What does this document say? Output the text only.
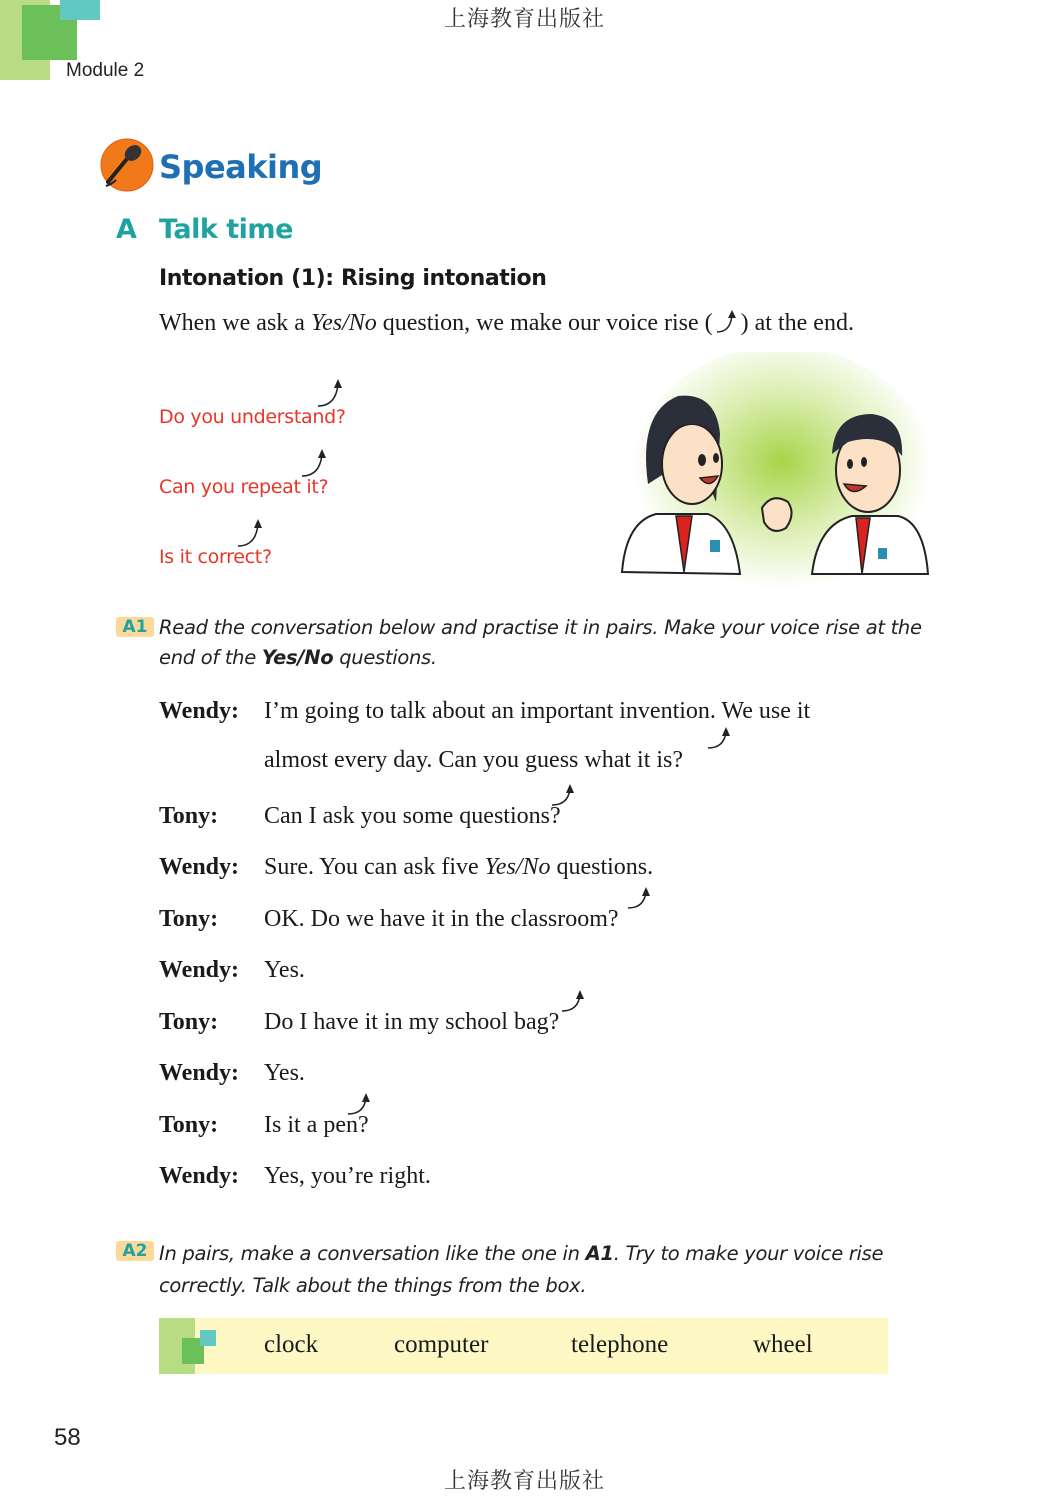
上海教育出版社
Module 2
Speaking
A Talk time
Intonation (1): Rising intonation
When we ask a Yes/No question, we make our voice rise ( ) at the end.
Do you understand?
Can you repeat it?
Is it correct?
A1 Read the conversation below and practise it in pairs. Make your voice rise at the end of the Yes/No questions.
Wendy: I’m going to talk about an important invention. We use it
almost every day. Can you guess what it is?
Tony: Can I ask you some questions?
Wendy: Sure. You can ask five Yes/No questions.
Tony: OK. Do we have it in the classroom?
Wendy: Yes.
Tony: Do I have it in my school bag?
Wendy: Yes.
Tony: Is it a pen?
Wendy: Yes, you’re right.
A2 In pairs, make a conversation like the one in A1. Try to make your voice rise correctly. Talk about the things from the box.
clock	computer	telephone	wheel
58
上海教育出版社
